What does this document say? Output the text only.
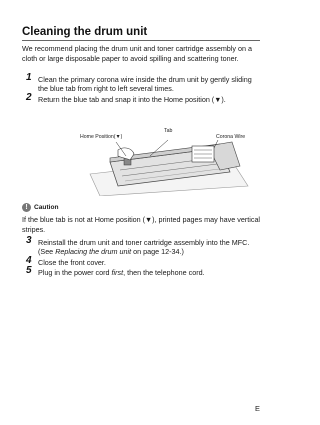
Cleaning the drum unit
We recommend placing the drum unit and toner cartridge assembly on a cloth or large disposable paper to avoid spilling and scattering toner.
1 Clean the primary corona wire inside the drum unit by gently sliding the blue tab from right to left several times.
2 Return the blue tab and snap it into the Home position (▼).
Home Position(▼)
Tab
Corona Wire
! Caution
If the blue tab is not at Home position (▼), printed pages may have vertical stripes.
3 Reinstall the drum unit and toner cartridge assembly into the MFC. (See Replacing the drum unit on page 12-34.)
4 Close the front cover.
5 Plug in the power cord first, then the telephone cord.
E
